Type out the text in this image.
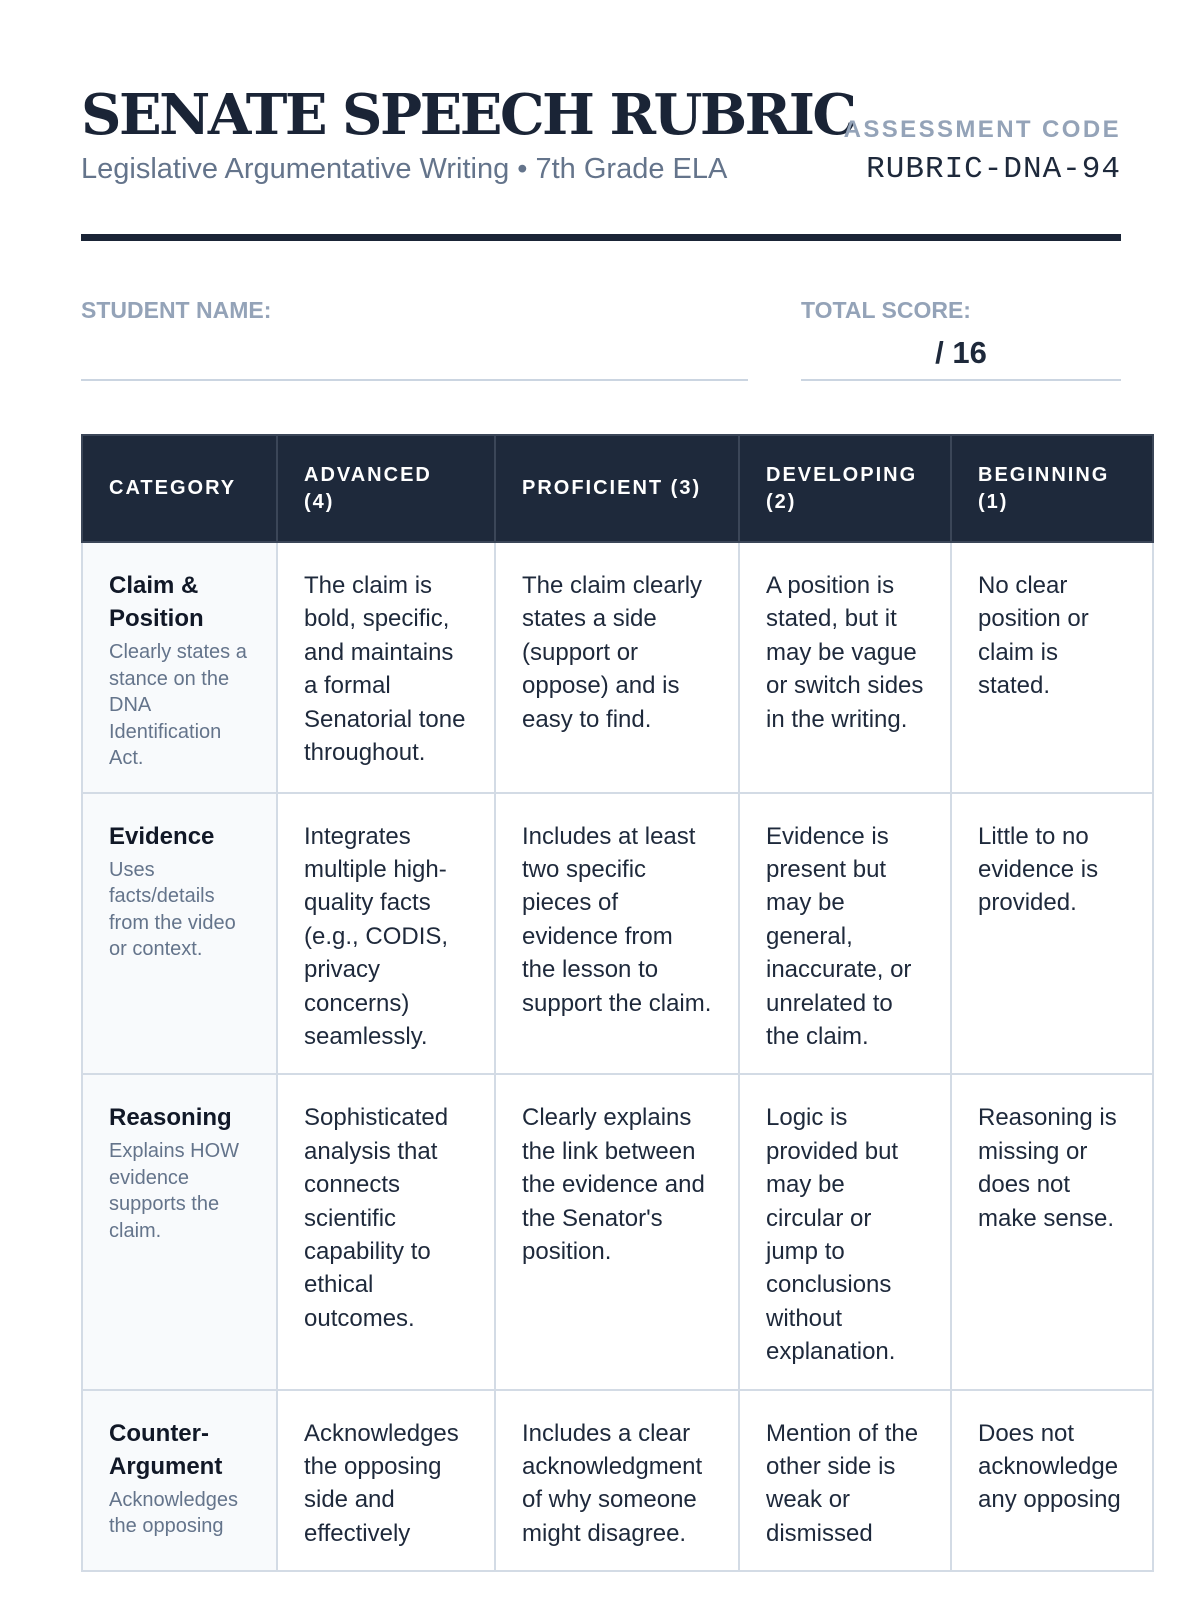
SENATE SPEECH RUBRIC
Legislative Argumentative Writing • 7th Grade ELA
ASSESSMENT CODE
RUBRIC-DNA-94
STUDENT NAME:	TOTAL SCORE:
/ 16
CATEGORY	ADVANCED (4)	PROFICIENT (3)	DEVELOPING (2)	BEGINNING (1)

Claim & Position
Clearly states a stance on the DNA Identification Act.	The claim is bold, specific, and maintains a formal Senatorial tone throughout.	The claim clearly states a side (support or oppose) and is easy to find.	A position is stated, but it may be vague or switch sides in the writing.	No clear position or claim is stated.

Evidence
Uses facts/details from the video or context.	Integrates multiple high-quality facts (e.g., CODIS, privacy concerns) seamlessly.	Includes at least two specific pieces of evidence from the lesson to support the claim.	Evidence is present but may be general, inaccurate, or unrelated to the claim.	Little to no evidence is provided.

Reasoning
Explains HOW evidence supports the claim.	Sophisticated analysis that connects scientific capability to ethical outcomes.	Clearly explains the link between the evidence and the Senator's position.	Logic is provided but may be circular or jump to conclusions without explanation.	Reasoning is missing or does not make sense.

Counter-Argument
Acknowledges the opposing	Acknowledges the opposing side and effectively	Includes a clear acknowledgment of why someone might disagree.	Mention of the other side is weak or dismissed	Does not acknowledge any opposing
